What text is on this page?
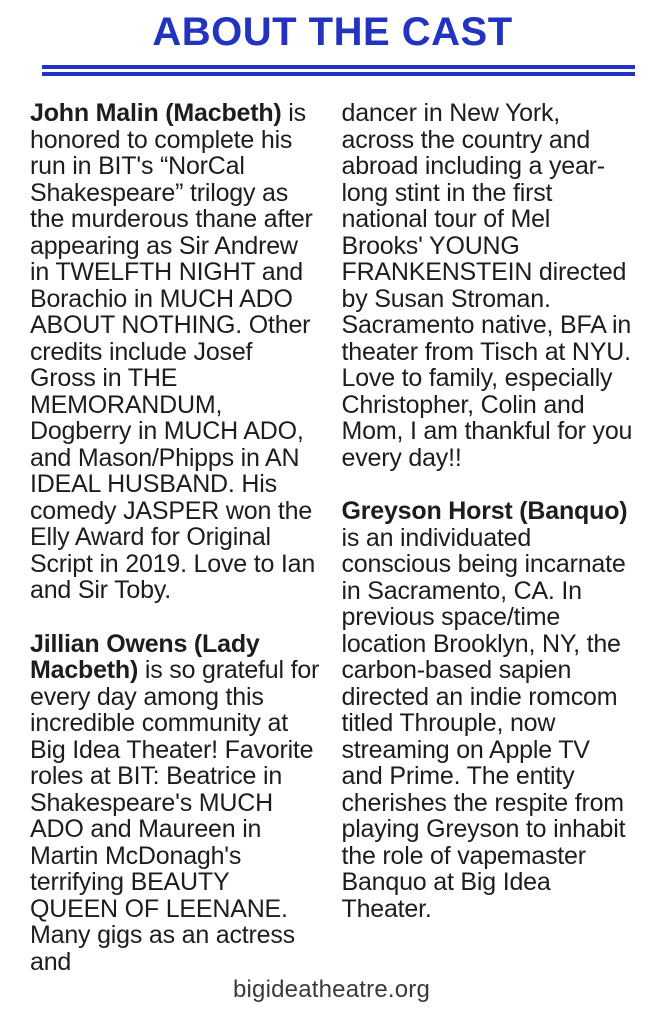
ABOUT THE CAST

John Malin (Macbeth) is honored to complete his run in BIT's “NorCal Shakespeare” trilogy as the murderous thane after appearing as Sir Andrew in TWELFTH NIGHT and Borachio in MUCH ADO ABOUT NOTHING. Other credits include Josef Gross in THE MEMORANDUM, Dogberry in MUCH ADO, and Mason/Phipps in AN IDEAL HUSBAND. His comedy JASPER won the Elly Award for Original Script in 2019. Love to Ian and Sir Toby.

Jillian Owens (Lady Macbeth) is so grateful for every day among this incredible community at Big Idea Theater! Favorite roles at BIT: Beatrice in Shakespeare's MUCH ADO and Maureen in Martin McDonagh's terrifying BEAUTY QUEEN OF LEENANE. Many gigs as an actress and

dancer in New York, across the country and abroad including a year-long stint in the first national tour of Mel Brooks' YOUNG FRANKENSTEIN directed by Susan Stroman. Sacramento native, BFA in theater from Tisch at NYU. Love to family, especially Christopher, Colin and Mom, I am thankful for you every day!!

Greyson Horst (Banquo) is an individuated conscious being incarnate in Sacramento, CA. In previous space/time location Brooklyn, NY, the carbon-based sapien directed an indie romcom titled Throuple, now streaming on Apple TV and Prime. The entity cherishes the respite from playing Greyson to inhabit the role of vapemaster Banquo at Big Idea Theater.

bigideatheatre.org
